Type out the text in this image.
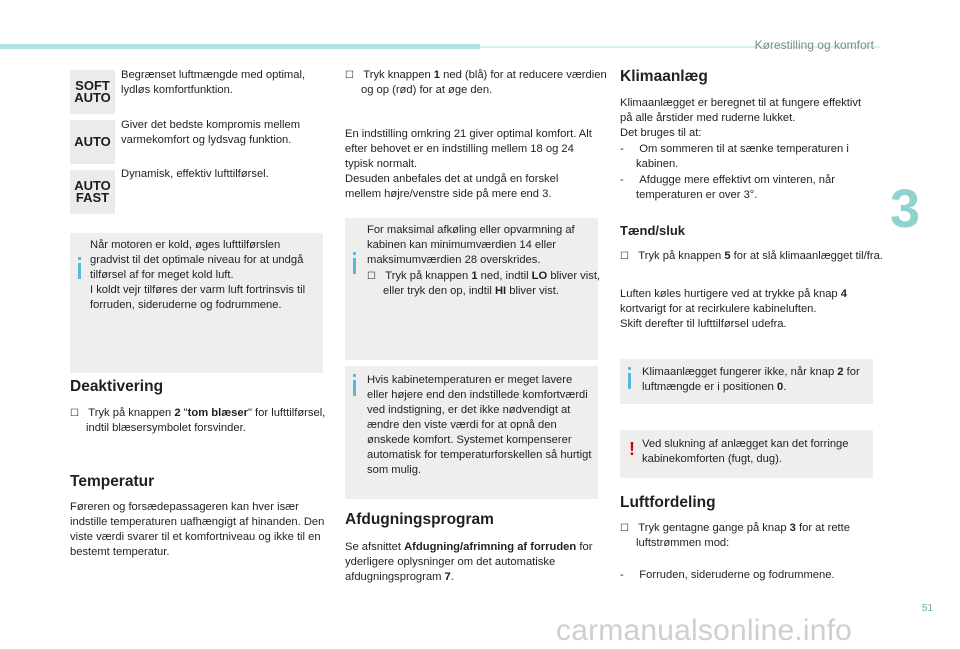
Kørestilling og komfort
3
SOFT
AUTO
Begrænset luftmængde med optimal, lydløs komfortfunktion.
AUTO
Giver det bedste kompromis mellem varmekomfort og lydsvag funktion.
AUTO
FAST
Dynamisk, effektiv lufttilførsel.
Når motoren er kold, øges lufttilførslen gradvist til det optimale niveau for at undgå tilførsel af for meget kold luft.
I koldt vejr tilføres der varm luft fortrinsvis til forruden, sideruderne og fodrummene.
Deaktivering
☐ Tryk på knappen 2 "tom blæser" for lufttilførsel, indtil blæsersymbolet forsvinder.
Temperatur
Føreren og forsædepassageren kan hver især indstille temperaturen uafhængigt af hinanden. Den viste værdi svarer til et komfortniveau og ikke til en bestemt temperatur.
☐ Tryk knappen 1 ned (blå) for at reducere værdien og op (rød) for at øge den.
En indstilling omkring 21 giver optimal komfort. Alt efter behovet er en indstilling mellem 18 og 24 typisk normalt.
Desuden anbefales det at undgå en forskel mellem højre/venstre side på mere end 3.
For maksimal afkøling eller opvarmning af kabinen kan minimumværdien 14 eller maksimumværdien 28 overskrides.
☐ Tryk på knappen 1 ned, indtil LO bliver vist, eller tryk den op, indtil HI bliver vist.
Hvis kabinetemperaturen er meget lavere eller højere end den indstillede komfortværdi ved indstigning, er det ikke nødvendigt at ændre den viste værdi for at opnå den ønskede komfort. Systemet kompenserer automatisk for temperaturforskellen så hurtigt som mulig.
Afdugningsprogram
Se afsnittet Afdugning/afrimning af forruden for yderligere oplysninger om det automatiske afdugningsprogram 7.
Klimaanlæg
Klimaanlægget er beregnet til at fungere effektivt på alle årstider med ruderne lukket.
Det bruges til at:
-     Om sommeren til at sænke temperaturen i kabinen.
-     Afdugge mere effektivt om vinteren, når temperaturen er over 3°.
Tænd/sluk
☐ Tryk på knappen 5 for at slå klimaanlægget til/fra.
Luften køles hurtigere ved at trykke på knap 4 kortvarigt for at recirkulere kabineluften.
Skift derefter til lufttilførsel udefra.
Klimaanlægget fungerer ikke, når knap 2 for luftmængde er i positionen 0.
! Ved slukning af anlægget kan det forringe kabinekomforten (fugt, dug).
Luftfordeling
☐ Tryk gentagne gange på knap 3 for at rette luftstrømmen mod:
-     Forruden, sideruderne og fodrummene.
51
carmanualsonline.info
